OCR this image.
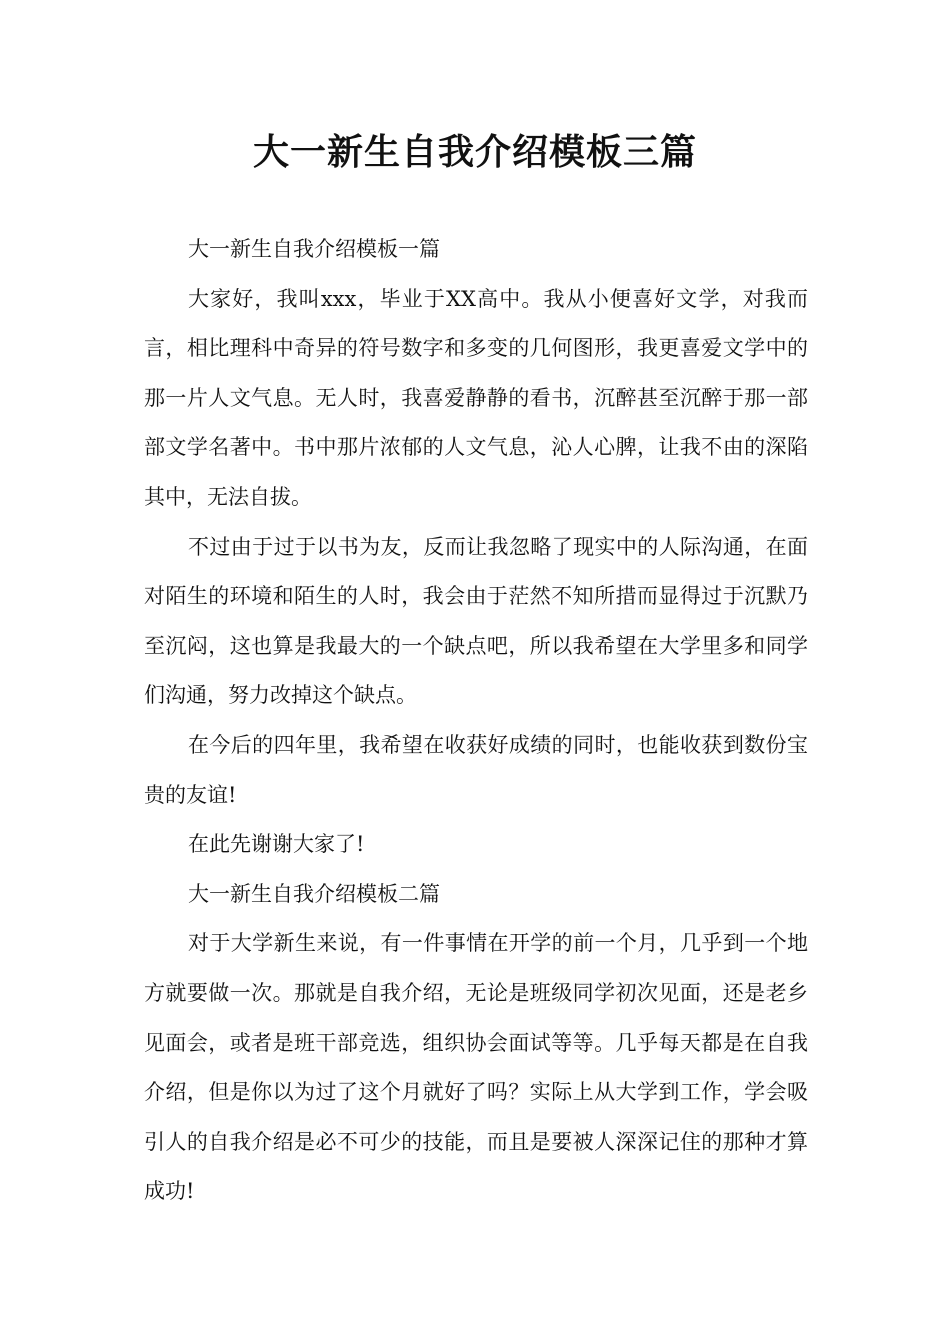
大一新生自我介绍模板三篇

大一新生自我介绍模板一篇

大家好，我叫xxx，毕业于XX高中。我从小便喜好文学，对我而言，相比理科中奇异的符号数字和多变的几何图形，我更喜爱文学中的那一片人文气息。无人时，我喜爱静静的看书，沉醉甚至沉醉于那一部部文学名著中。书中那片浓郁的人文气息，沁人心脾，让我不由的深陷其中，无法自拔。

不过由于过于以书为友，反而让我忽略了现实中的人际沟通，在面对陌生的环境和陌生的人时，我会由于茫然不知所措而显得过于沉默乃至沉闷，这也算是我最大的一个缺点吧，所以我希望在大学里多和同学们沟通，努力改掉这个缺点。

在今后的四年里，我希望在收获好成绩的同时，也能收获到数份宝贵的友谊!

在此先谢谢大家了!

大一新生自我介绍模板二篇

对于大学新生来说，有一件事情在开学的前一个月，几乎到一个地方就要做一次。那就是自我介绍，无论是班级同学初次见面，还是老乡见面会，或者是班干部竞选，组织协会面试等等。几乎每天都是在自我介绍，但是你以为过了这个月就好了吗？实际上从大学到工作，学会吸引人的自我介绍是必不可少的技能，而且是要被人深深记住的那种才算成功!
